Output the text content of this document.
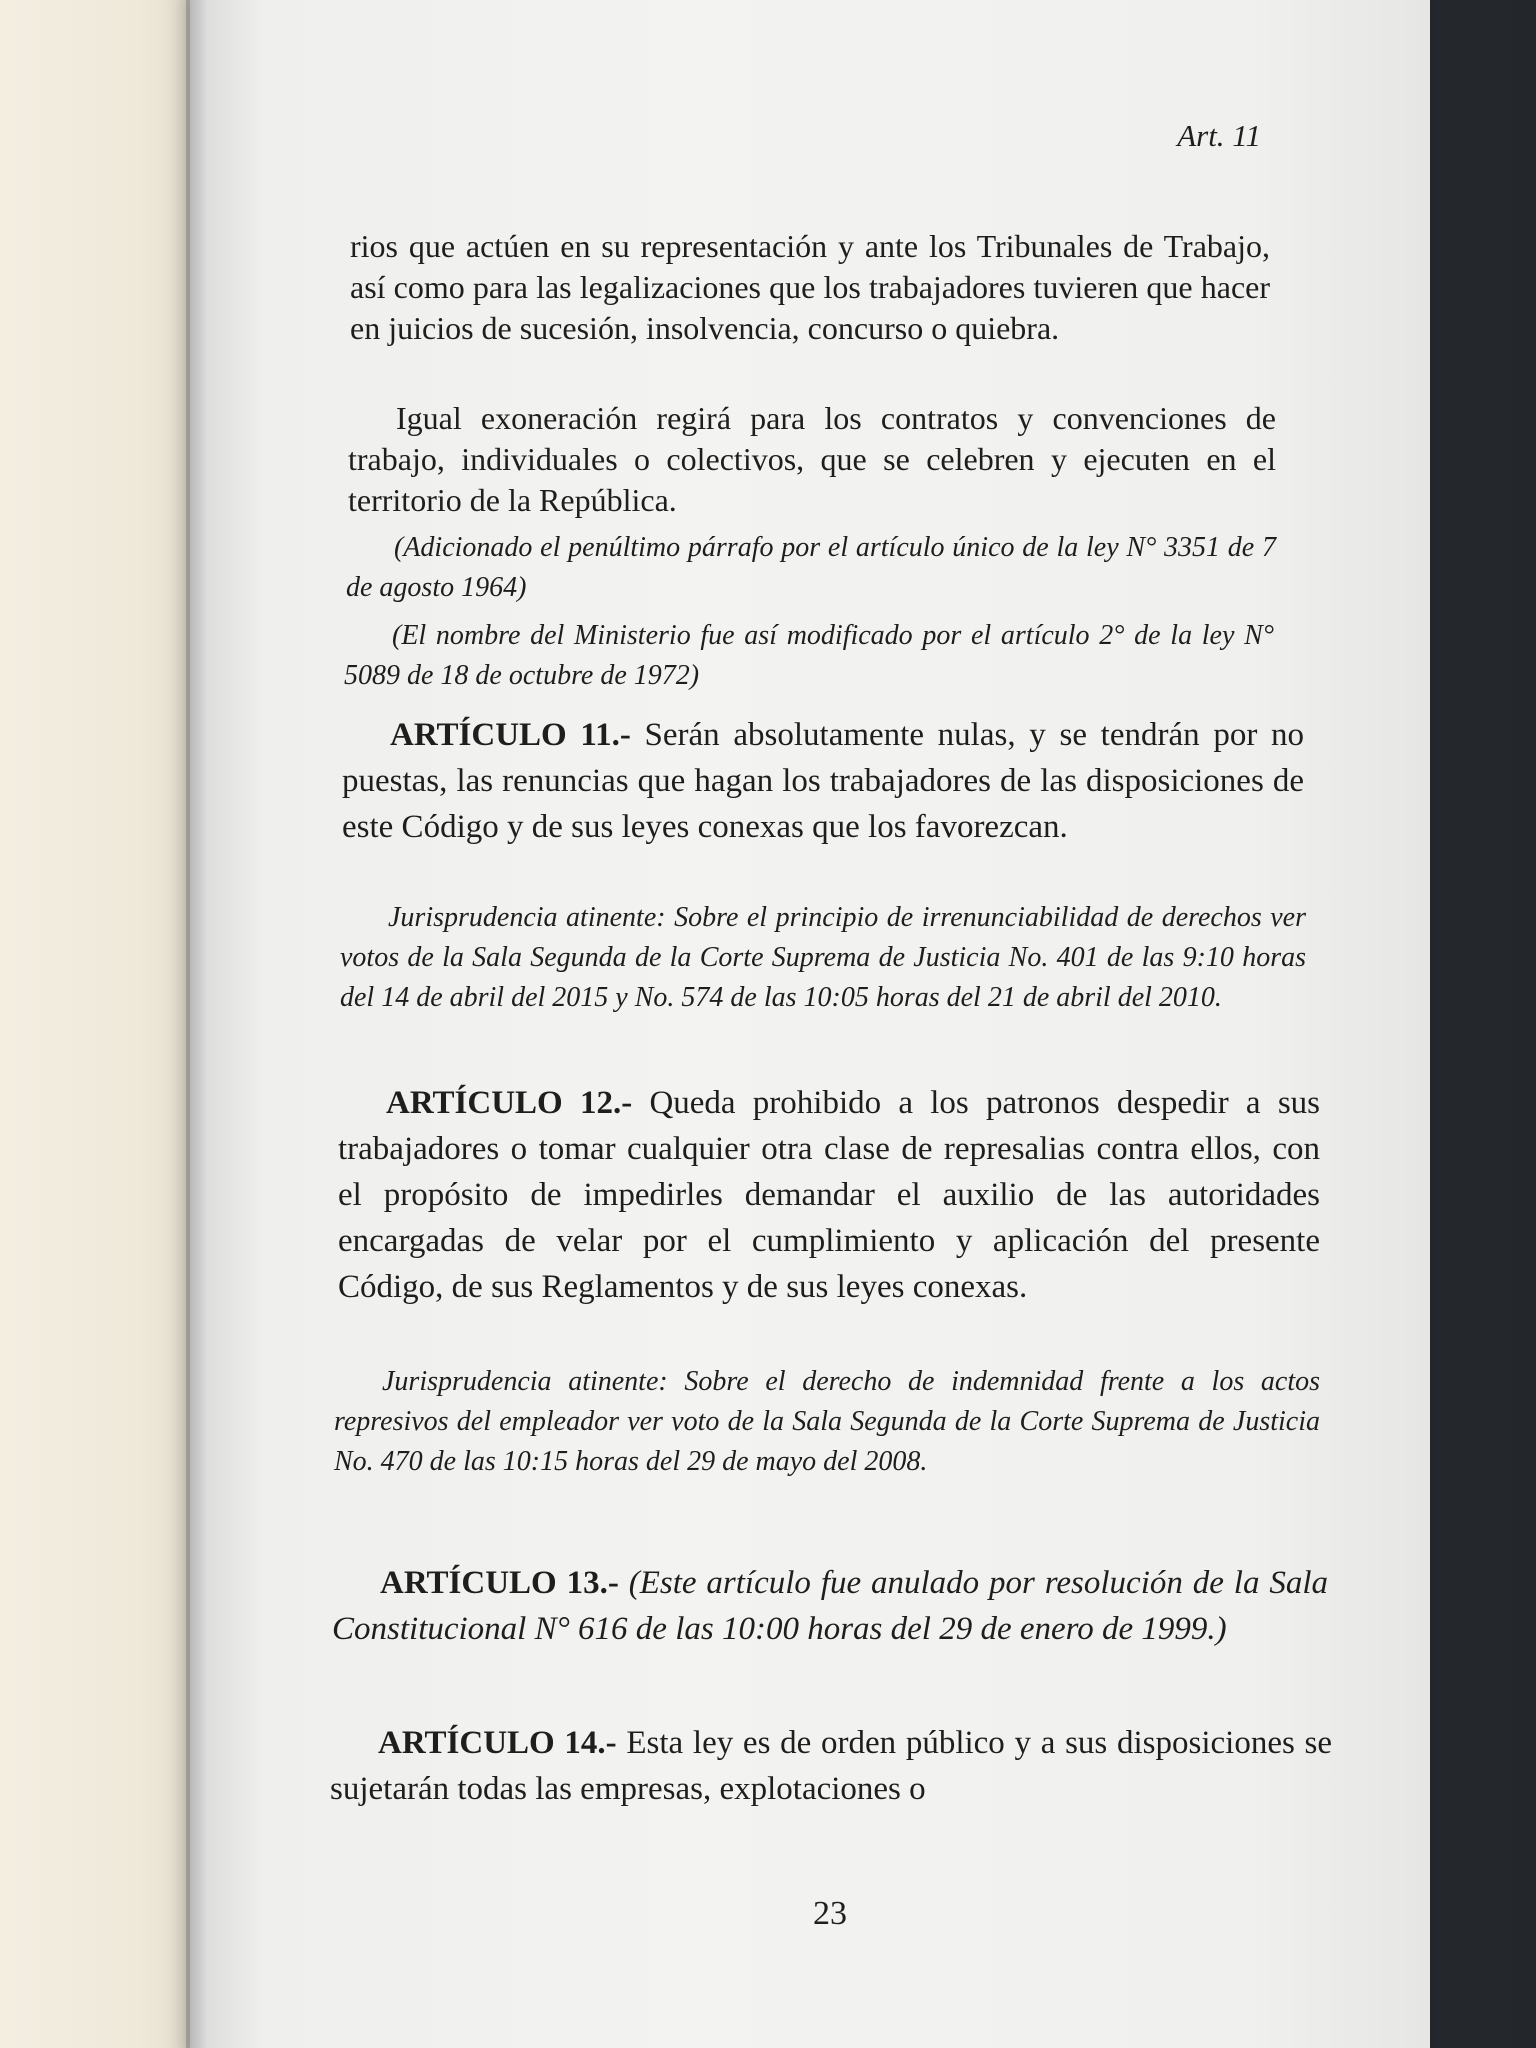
Art. 11

rios que actúen en su representación y ante los Tribunales de Trabajo, así como para las legalizaciones que los trabajadores tuvieren que hacer en juicios de sucesión, insolvencia, concurso o quiebra.

Igual exoneración regirá para los contratos y convenciones de trabajo, individuales o colectivos, que se celebren y ejecuten en el territorio de la República.

(Adicionado el penúltimo párrafo por el artículo único de la ley N° 3351 de 7 de agosto 1964)

(El nombre del Ministerio fue así modificado por el artículo 2° de la ley N° 5089 de 18 de octubre de 1972)

ARTÍCULO 11.- Serán absolutamente nulas, y se tendrán por no puestas, las renuncias que hagan los trabajadores de las disposiciones de este Código y de sus leyes conexas que los favorezcan.

Jurisprudencia atinente: Sobre el principio de irrenunciabilidad de derechos ver votos de la Sala Segunda de la Corte Suprema de Justicia No. 401 de las 9:10 horas del 14 de abril del 2015 y No. 574 de las 10:05 horas del 21 de abril del 2010.

ARTÍCULO 12.- Queda prohibido a los patronos despedir a sus trabajadores o tomar cualquier otra clase de represalias contra ellos, con el propósito de impedirles demandar el auxilio de las autoridades encargadas de velar por el cumplimiento y aplicación del presente Código, de sus Reglamentos y de sus leyes conexas.

Jurisprudencia atinente: Sobre el derecho de indemnidad frente a los actos represivos del empleador ver voto de la Sala Segunda de la Corte Suprema de Justicia No. 470 de las 10:15 horas del 29 de mayo del 2008.

ARTÍCULO 13.- (Este artículo fue anulado por resolución de la Sala Constitucional N° 616 de las 10:00 horas del 29 de enero de 1999.)

ARTÍCULO 14.- Esta ley es de orden público y a sus disposiciones se sujetarán todas las empresas, explotaciones o

23
